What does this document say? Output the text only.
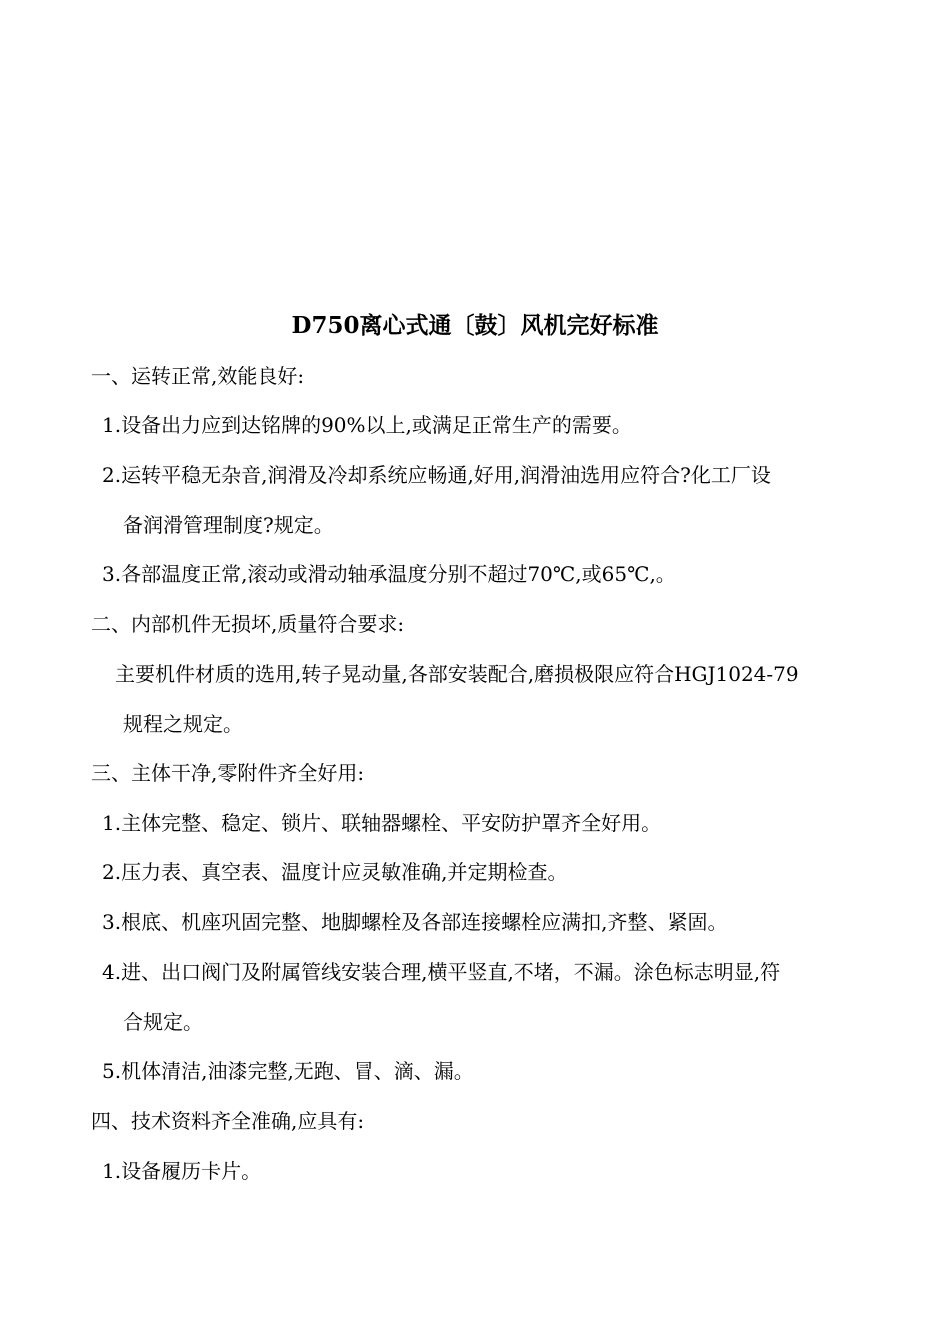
D750离心式通〔鼓〕风机完好标准
一、运转正常,效能良好:
1.设备出力应到达铭牌的90%以上,或满足正常生产的需要。
2.运转平稳无杂音,润滑及冷却系统应畅通,好用,润滑油选用应符合?化工厂设
备润滑管理制度?规定。
3.各部温度正常,滚动或滑动轴承温度分别不超过70℃,或65℃,。
二、内部机件无损坏,质量符合要求:
主要机件材质的选用,转子晃动量,各部安装配合,磨损极限应符合HGJ1024-79
规程之规定。
三、主体干净,零附件齐全好用:
1.主体完整、稳定、锁片、联轴器螺栓、平安防护罩齐全好用。
2.压力表、真空表、温度计应灵敏准确,并定期检查。
3.根底、机座巩固完整、地脚螺栓及各部连接螺栓应满扣,齐整、紧固。
4.进、出口阀门及附属管线安装合理,横平竖直,不堵，不漏。涂色标志明显,符
合规定。
5.机体清洁,油漆完整,无跑、冒、滴、漏。
四、技术资料齐全准确,应具有:
1.设备履历卡片。
